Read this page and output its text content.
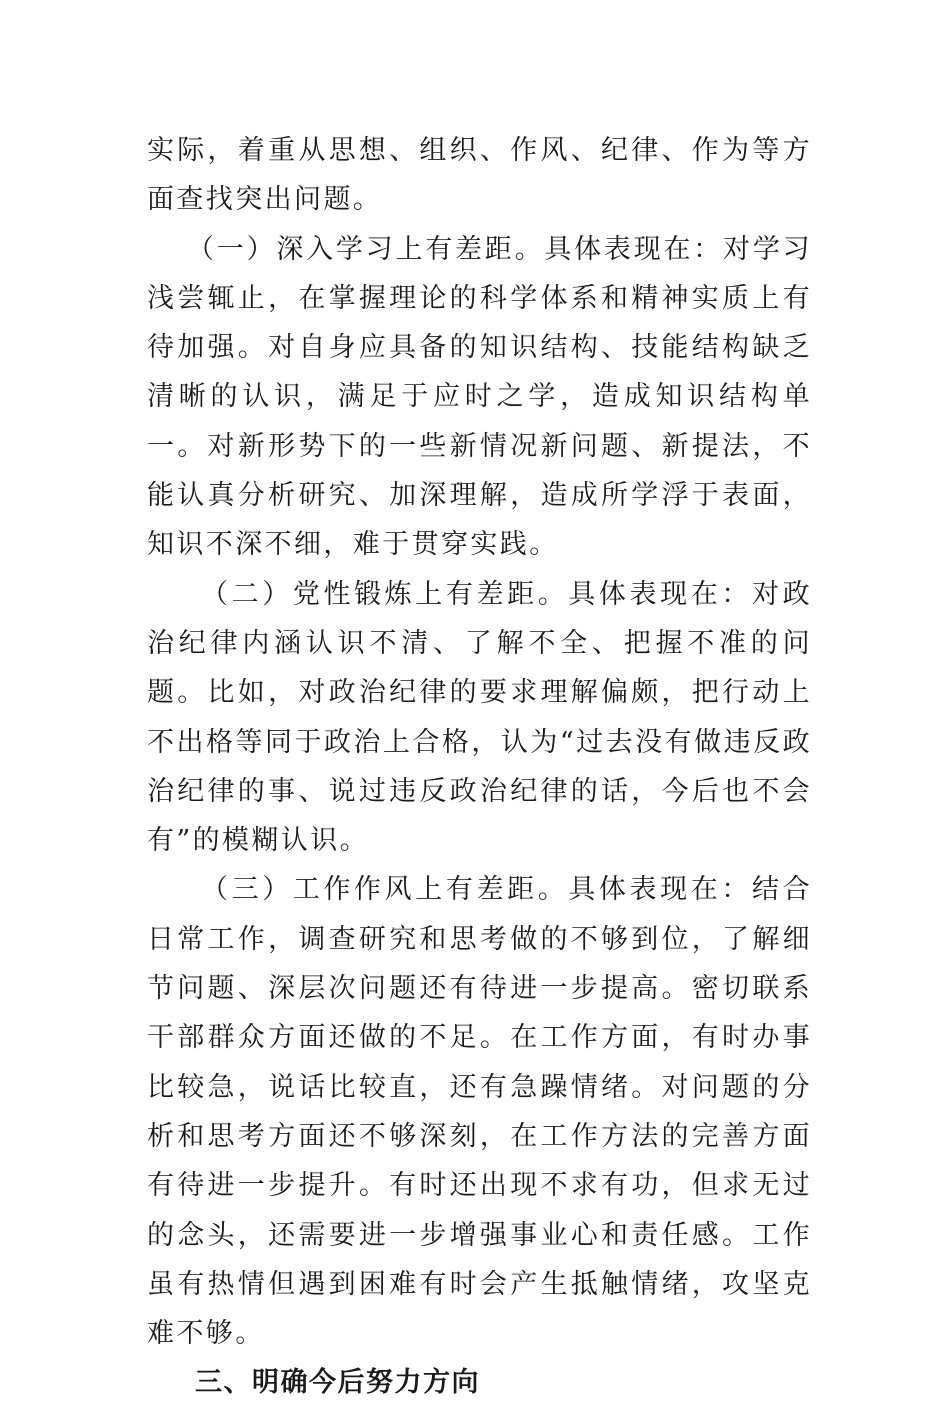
实际，着重从思想、组织、作风、纪律、作为等方面查找突出问题。

（一）深入学习上有差距。具体表现在：对学习浅尝辄止，在掌握理论的科学体系和精神实质上有待加强。对自身应具备的知识结构、技能结构缺乏清晰的认识，满足于应时之学，造成知识结构单一。对新形势下的一些新情况新问题、新提法，不能认真分析研究、加深理解，造成所学浮于表面，知识不深不细，难于贯穿实践。

（二）党性锻炼上有差距。具体表现在：对政治纪律内涵认识不清、了解不全、把握不准的问题。比如，对政治纪律的要求理解偏颇，把行动上不出格等同于政治上合格，认为“过去没有做违反政治纪律的事、说过违反政治纪律的话，今后也不会有”的模糊认识。

（三）工作作风上有差距。具体表现在：结合日常工作，调查研究和思考做的不够到位，了解细节问题、深层次问题还有待进一步提高。密切联系干部群众方面还做的不足。在工作方面，有时办事比较急，说话比较直，还有急躁情绪。对问题的分析和思考方面还不够深刻，在工作方法的完善方面有待进一步提升。有时还出现不求有功，但求无过的念头，还需要进一步增强事业心和责任感。工作虽有热情但遇到困难有时会产生抵触情绪，攻坚克难不够。

三、明确今后努力方向
